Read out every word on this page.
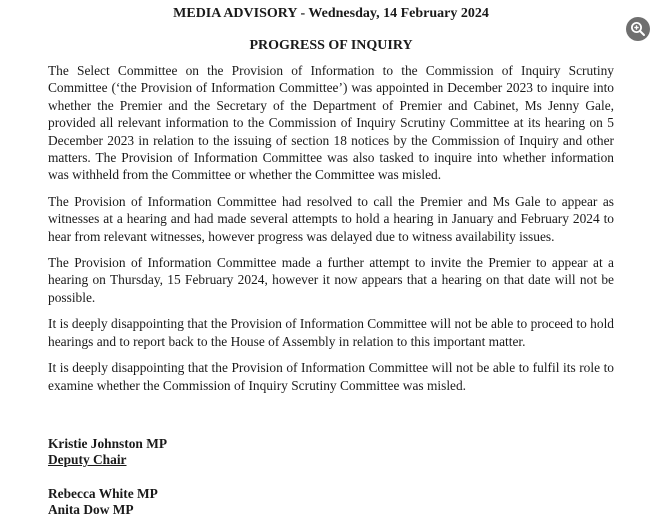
MEDIA ADVISORY - Wednesday, 14 February 2024
PROGRESS OF INQUIRY

The Select Committee on the Provision of Information to the Commission of Inquiry Scrutiny Committee (‘the Provision of Information Committee’) was appointed in December 2023 to inquire into whether the Premier and the Secretary of the Department of Premier and Cabinet, Ms Jenny Gale, provided all relevant information to the Commission of Inquiry Scrutiny Committee at its hearing on 5 December 2023 in relation to the issuing of section 18 notices by the Commission of Inquiry and other matters. The Provision of Information Committee was also tasked to inquire into whether information was withheld from the Committee or whether the Committee was misled.

The Provision of Information Committee had resolved to call the Premier and Ms Gale to appear as witnesses at a hearing and had made several attempts to hold a hearing in January and February 2024 to hear from relevant witnesses, however progress was delayed due to witness availability issues.

The Provision of Information Committee made a further attempt to invite the Premier to appear at a hearing on Thursday, 15 February 2024, however it now appears that a hearing on that date will not be possible.

It is deeply disappointing that the Provision of Information Committee will not be able to proceed to hold hearings and to report back to the House of Assembly in relation to this important matter.

It is deeply disappointing that the Provision of Information Committee will not be able to fulfil its role to examine whether the Commission of Inquiry Scrutiny Committee was misled.

Kristie Johnston MP
Deputy Chair
Rebecca White MP
Anita Dow MP
